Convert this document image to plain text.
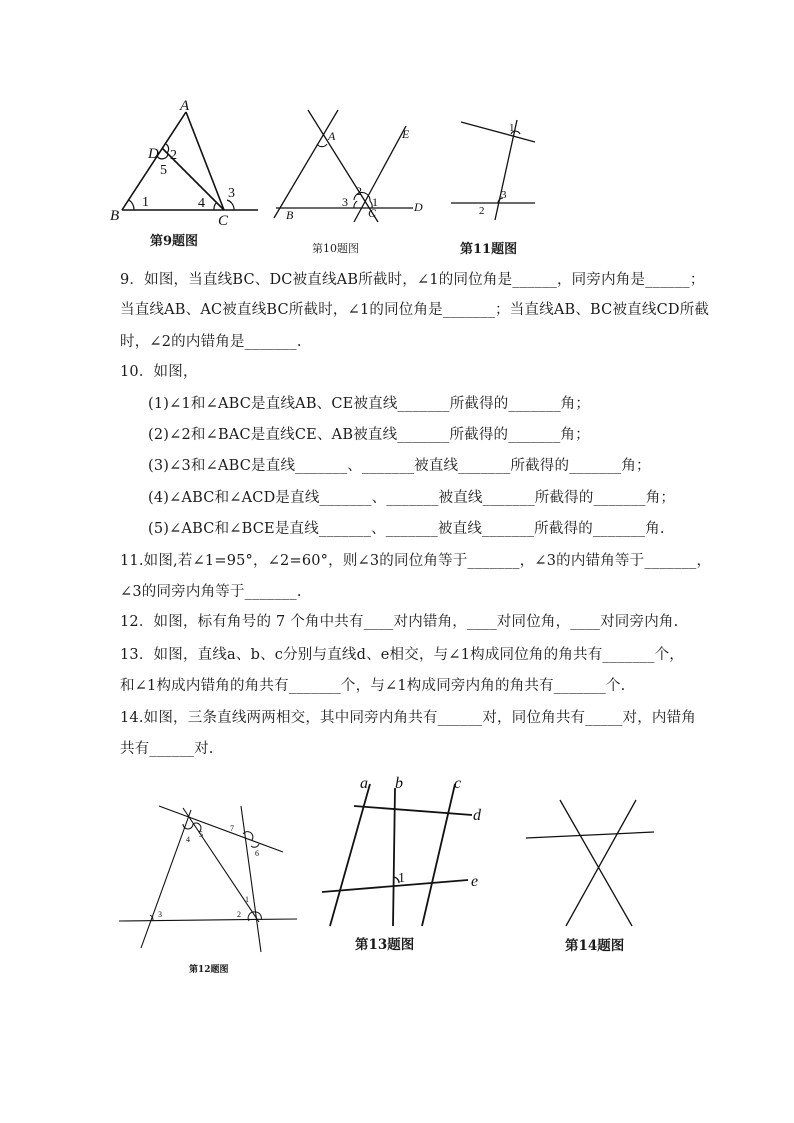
A
B	C
D
1
2
3
4
5
第9题图
A
B	C	D
E
1
2
3
第10题图
1
2
3
第11题图
9．如图，当直线BC、DC被直线AB所截时，∠1的同位角是______，同旁内角是______；
当直线AB、AC被直线BC所截时，∠1的同位角是_______；当直线AB、BC被直线CD所截
时，∠2的内错角是_______.
10．如图，
(1)∠1和∠ABC是直线AB、CE被直线_______所截得的_______角；
(2)∠2和∠BAC是直线CE、AB被直线_______所截得的_______角；
(3)∠3和∠ABC是直线_______、_______被直线_______所截得的_______角；
(4)∠ABC和∠ACD是直线_______、_______被直线_______所截得的_______角；
(5)∠ABC和∠BCE是直线_______、_______被直线_______所截得的_______角.
11.如图,若∠1=95°，∠2=60°，则∠3的同位角等于_______，∠3的内错角等于_______，
∠3的同旁内角等于_______.
12．如图，标有角号的 7 个角中共有____对内错角，____对同位角，____对同旁内角.
13．如图，直线a、b、c分别与直线d、e相交，与∠1构成同位角的角共有_______个，
和∠1构成内错角的角共有_______个，与∠1构成同旁内角的角共有_______个.
14.如图，三条直线两两相交，其中同旁内角共有______对，同位角共有_____对，内错角
共有______对.
1
2
3
4
5
6
7
第12题图
a b	c
d
e
1
第13题图	第14题图
